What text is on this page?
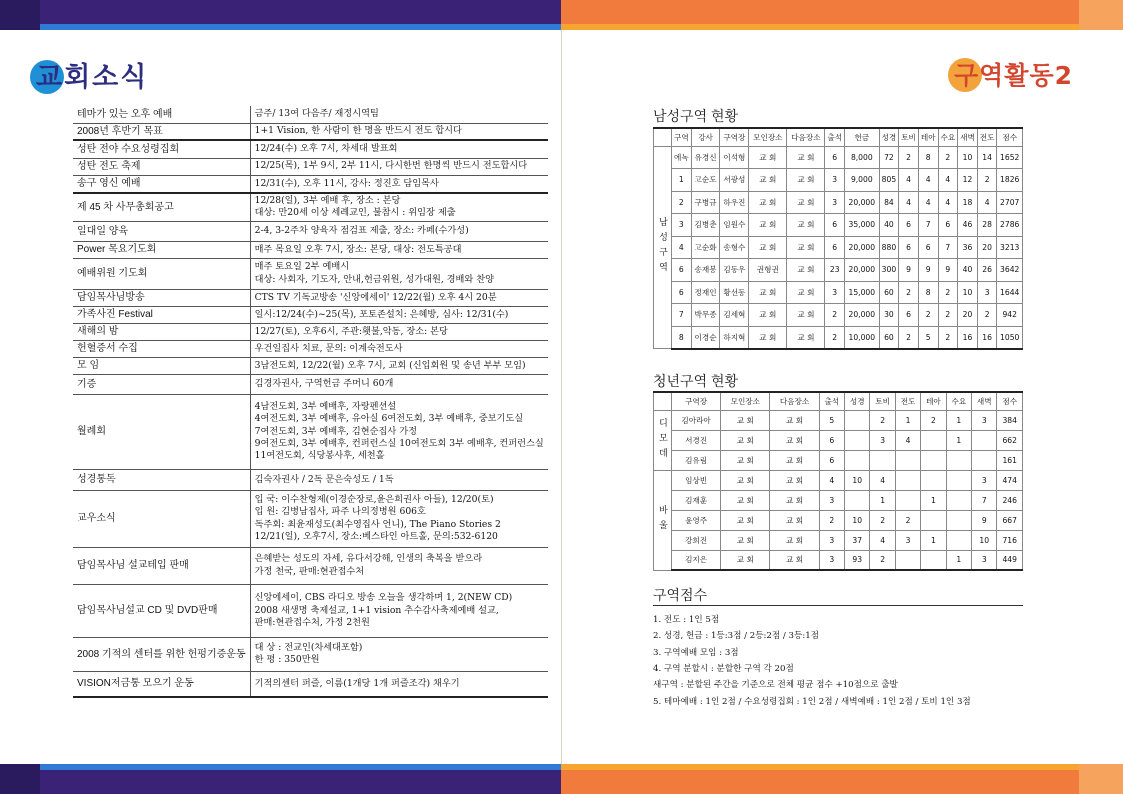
교회소식	구역활동2
테마가 있는 오후 예배	금주/ 13여 다음주/ 재정시역팀

2008년 후반기 목표	1+1 Vision, 한 사람이 한 명을 반드시 전도 합시다

성탄 전야 수요성령집회	12/24(수) 오후 7시, 차세대 발표회

성탄 전도 축제	12/25(목), 1부 9시, 2부 11시, 다시한번 한명씩 반드시 전도합시다

송구 영신 예배	12/31(수), 오후 11시, 강사: 정진호 담임목사

제 45 차 사무총회공고	12/28(일), 3부 예배 후, 장소 : 본당
대상: 만20세 이상 세례교인, 불참시 : 위임장 제출

일대일 양육	2-4, 3-2주차 양육자 점검표 제출, 장소: 카페(수가성)

Power 목요기도회	매주 목요일 오후 7시, 장소: 본당, 대상: 전도특공대

예배위원 기도회	매주 토요일 2부 예배시
대상: 사회자, 기도자, 안내,헌금위원, 성가대원, 경배와 찬양

담임목사님방송	CTS TV 기독교방송 '신앙에세이' 12/22(월) 오후 4시 20분

가족사진 Festival	일시:12/24(수)~25(목), 포토존설치: 은혜방, 심사: 12/31(수)

새해의 밤	12/27(토), 오후6시, 주관:횃불,악동, 장소: 본당

헌혈증서 수집	우건일집사 치료, 문의: 이계숙전도사

모 임	3남전도회, 12/22(월) 오후 7시, 교회 (신입회원 및 송년 부부 모임)

기증	김경자권사, 구역헌금 주머니 60개

월례회	4남전도회, 3부 예배후, 자랑펜션설
4여전도회, 3부 예배후, 유아실 6여전도회, 3부 예배후, 중보기도실
7여전도회, 3부 예배후, 김현순집사 가정
9여전도회, 3부 예배후, 컨퍼런스실 10여전도회 3부 예배후, 컨퍼런스실
11여전도회, 식당봉사후, 세천홀

성경통독	김숙자권사 / 2독 문은숙성도 / 1독

교우소식	입 국: 이수찬형제(이경순장로,윤은희권사 아들), 12/20(토)
입 원: 김병남집사, 파주 나의정병원 606호
독주회: 최윤재성도(최수영집사 언니), The Piano Stories 2
12/21(일), 오후7시, 장소:베스타인 아트홀, 문의:532-6120

담임목사님 설교테입 판매	은혜받는 성도의 자세, 유다서강해, 인생의 축복을 받으라
가정 천국, 판매:현관접수처

담임목사님설교 CD 및 DVD판매	신앙에세이, CBS 라디오 방송 오늘을 생각하며 1, 2(NEW CD)
2008 새생명 축제설교, 1+1 vision 추수감사축제예배 설교,
판매:현관접수처, 가정 2천원

2008 기적의 센터를 위한 헌펑기증운동	대 상 : 전교인(차세대포함)
한 평 : 350만원

VISION저금통 모으기 운동	기적의센터 퍼즐, 이름(1개당 1개 퍼즐조각) 채우기
남성구역 현황
	구역	강사	구역장	모인장소	다음장소	출석	헌금	성경	토비	테아	수요	새벽	전도	점수
남성구역	에녹	유경신	이석형	교 회	교 회	6	8,000	72	2	8	2	10	14	1652
	1	고순도	서광성	교 회	교 회	3	9,000	805	4	4	4	12	2	1826
	2	구병규	하우진	교 회	교 회	3	20,000	84	4	4	4	18	4	2707
	3	김병춘	임원수	교 회	교 회	6	35,000	40	6	7	6	46	28	2786
	4	고순화	송형수	교 회	교 회	6	20,000	880	6	6	7	36	20	3213
	6	송재봉	김동우	권형권	교 회	23	20,000	300	9	9	9	40	26	3642
	6	정재인	황선동	교 회	교 회	3	15,000	60	2	8	2	10	3	1644
	7	박무종	김세혁	교 회	교 회	2	20,000	30	6	2	2	20	2	942
	8	이경순	하지혁	교 회	교 회	2	10,000	60	2	5	2	16	16	1050
청년구역 현황
	구역장	모인장소	다음장소	출석	성경	토비	전도	테아	수요	새벽	점수
디모데	김아라아	교 회	교 회	5		2	1	2	1	3	384
	서경진	교 회	교 회	6		3	4		1		662
	김유림	교 회	교 회	6							161
바울	임상빈	교 회	교 회	4	10	4				3	474
	김재훈	교 회	교 회	3		1		1		7	246
	윤영주	교 회	교 회	2	10	2	2			9	667
	강희진	교 회	교 회	3	37	4	3	1		10	716
	김지은	교 회	교 회	3	93	2			1	3	449
구역점수
1. 전도 : 1인 5점
2. 성경, 헌금 : 1등:3점 / 2등:2점 / 3등:1점
3. 구역예배 모임 : 3점
4. 구역 분할시 : 분할한 구역 각 20점
새구역 : 분할된 주간을 기준으로 전체 평균 점수 +10점으로 출발
5. 테마예배 : 1인 2점 / 수요성령집회 : 1인 2점 / 새벽예배 : 1인 2점 / 토비 1인 3점
